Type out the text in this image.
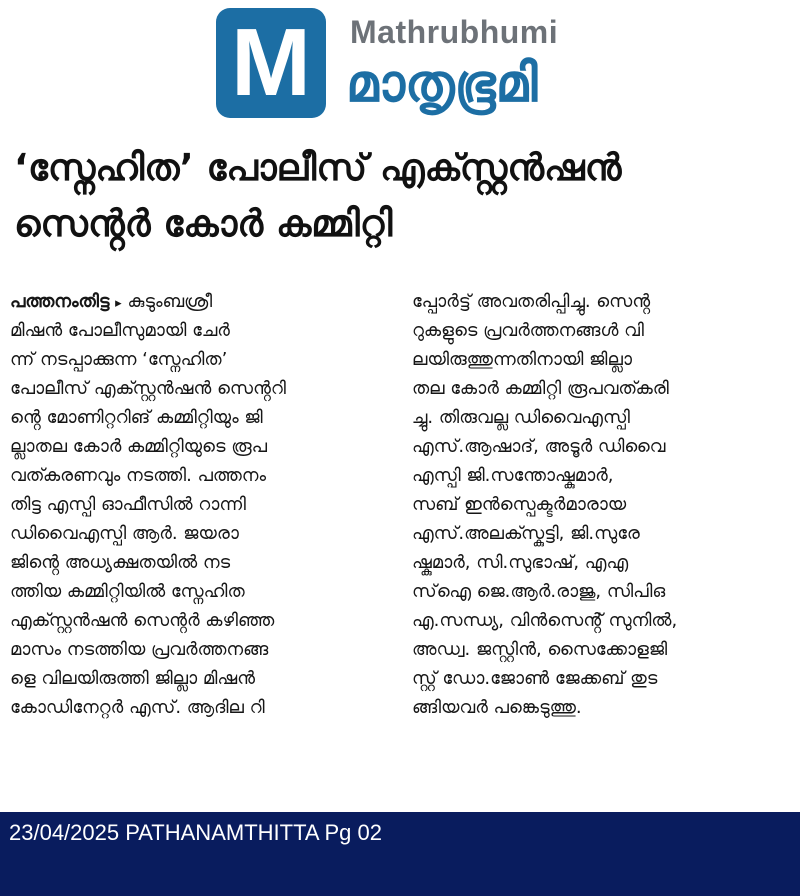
M	Mathrubhumi
മാതൃഭൂമി
‘സ്നേഹിത’ പോലീസ് എക്സ്റ്റൻഷൻ
സെൻ്റർ കോർ കമ്മിറ്റി
പത്തനംതിട്ട ▸ കുടുംബശ്രീ
മിഷൻ പോലീസുമായി ചേർ
ന്ന് നടപ്പാക്കുന്ന ‘സ്നേഹിത’
പോലീസ് എക്സ്റ്റൻഷൻ സെൻ്ററി
ൻ്റെ മോണിറ്ററിങ് കമ്മിറ്റിയും ജി
ല്ലാതല കോർ കമ്മിറ്റിയുടെ രൂപ
വത്കരണവും നടത്തി. പത്തനം
തിട്ട എസ്പി ഓഫീസിൽ റാന്നി
ഡിവൈഎസ്പി ആർ. ജയരാ
ജിൻ്റെ അധ്യക്ഷതയിൽ നട
ത്തിയ കമ്മിറ്റിയിൽ സ്നേഹിത
എക്സ്റ്റൻഷൻ സെൻ്റർ കഴിഞ്ഞ
മാസം നടത്തിയ പ്രവർത്തനങ്ങ
ളെ വിലയിരുത്തി ജില്ലാ മിഷൻ
കോഡിനേറ്റർ എസ്. ആദില റി
പ്പോർട്ട് അവതരിപ്പിച്ചു. സെൻ്റ
റുകളുടെ പ്രവർത്തനങ്ങൾ വി
ലയിരുത്തുന്നതിനായി ജില്ലാ
തല കോർ കമ്മിറ്റി രൂപവത്കരി
ച്ചു. തിരുവല്ല ഡിവൈഎസ്പി
എസ്.ആഷാദ്, അടൂർ ഡിവൈ
എസ്പി ജി.സന്തോഷ്കുമാർ,
സബ് ഇൻസ്പെക്ടർമാരായ
എസ്.അലക്സ്കുട്ടി, ജി.സുരേ
ഷ്കുമാർ, സി.സുഭാഷ്, എഎ
സ്ഐ ജെ.ആർ.രാജു, സിപിഒ
എ.സന്ധ്യ, വിൻസെൻ്റ് സുനിൽ,
അഡ്വ. ജസ്റ്റിൻ, സൈക്കോളജി
സ്റ്റ് ഡോ.ജോൺ ജേക്കബ് തുട
ങ്ങിയവർ പങ്കെടുത്തു.
23/04/2025 PATHANAMTHITTA Pg 02
